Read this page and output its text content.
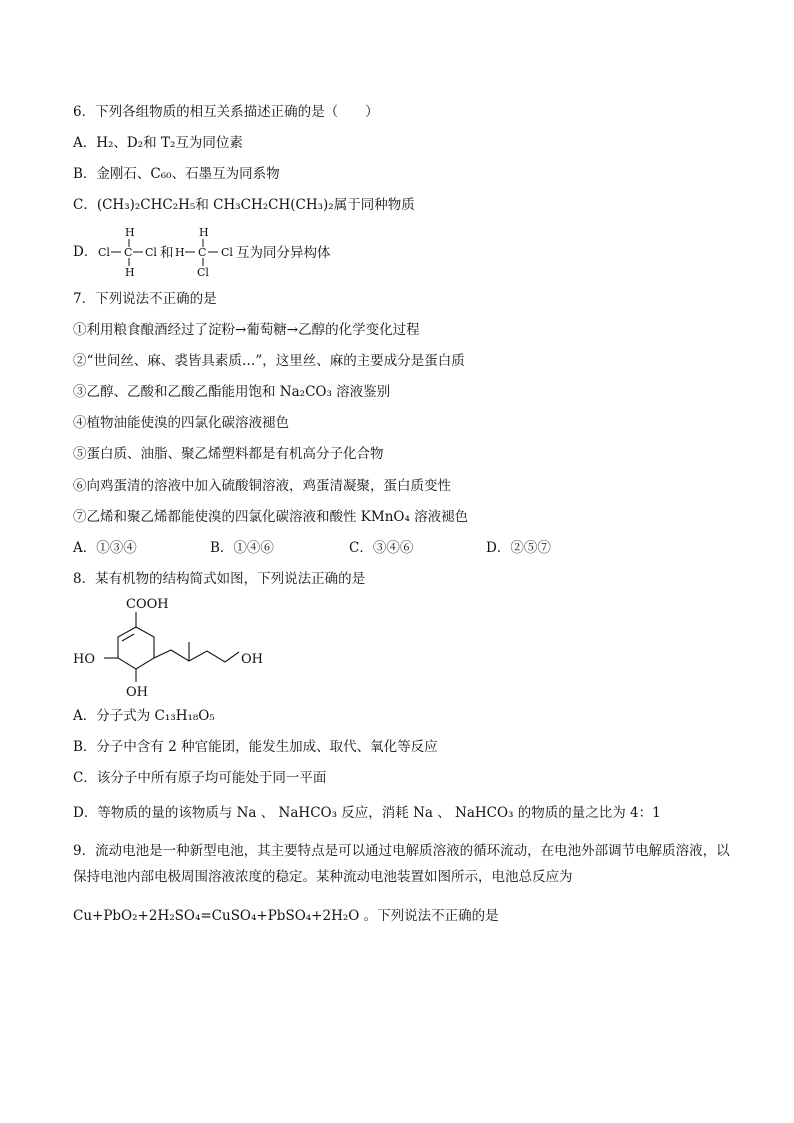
6．下列各组物质的相互关系描述正确的是（　　）
A．H₂、D₂和 T₂互为同位素
B．金刚石、C₆₀、石墨互为同系物
C．(CH₃)₂CHC₂H₅和 CH₃CH₂CH(CH₃)₂属于同种物质
D．
H
Cl C Cl
H
和
H
H C Cl
Cl
互为同分异构体
7．下列说法不正确的是
①利用粮食酿酒经过了淀粉→葡萄糖→乙醇的化学变化过程
②“世间丝、麻、裘皆具素质…”，这里丝、麻的主要成分是蛋白质
③乙醇、乙酸和乙酸乙酯能用饱和 Na₂CO₃ 溶液鉴别
④植物油能使溴的四氯化碳溶液褪色
⑤蛋白质、油脂、聚乙烯塑料都是有机高分子化合物
⑥向鸡蛋清的溶液中加入硫酸铜溶液，鸡蛋清凝聚，蛋白质变性
⑦乙烯和聚乙烯都能使溴的四氯化碳溶液和酸性 KMnO₄ 溶液褪色
A．①③④	B．①④⑥	C．③④⑥	D．②⑤⑦
8．某有机物的结构简式如图，下列说法正确的是
COOH
HO
OH
OH
A．分子式为 C₁₃H₁₈O₅
B．分子中含有 2 种官能团，能发生加成、取代、氧化等反应
C．该分子中所有原子均可能处于同一平面
D．等物质的量的该物质与 Na 、 NaHCO₃ 反应，消耗 Na 、 NaHCO₃ 的物质的量之比为 4：1
9．流动电池是一种新型电池，其主要特点是可以通过电解质溶液的循环流动，在电池外部调节电解质溶液，以保持电池内部电极周围溶液浓度的稳定。某种流动电池装置如图所示，电池总反应为
Cu+PbO₂+2H₂SO₄=CuSO₄+PbSO₄+2H₂O 。下列说法不正确的是
